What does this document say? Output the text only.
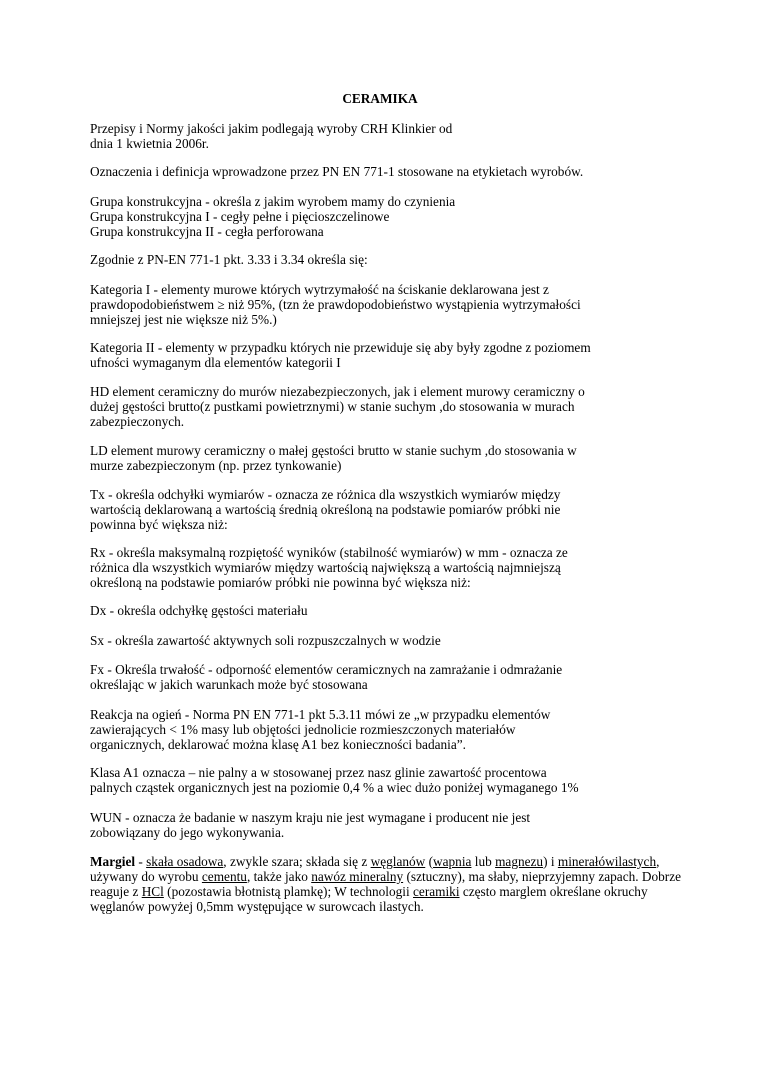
CERAMIKA
Przepisy i Normy jakości jakim podlegają wyroby CRH Klinkier od
dnia 1 kwietnia 2006r.
Oznaczenia i definicja wprowadzone przez PN EN 771-1 stosowane na etykietach wyrobów.
Grupa konstrukcyjna - określa z jakim wyrobem mamy do czynienia
Grupa konstrukcyjna I - cegły pełne i pięcioszczelinowe
Grupa konstrukcyjna II - cegła perforowana
Zgodnie z PN-EN 771-1 pkt. 3.33 i 3.34 określa się:
Kategoria I - elementy murowe których wytrzymałość na ściskanie deklarowana jest z
prawdopodobieństwem ≥ niż 95%, (tzn że prawdopodobieństwo wystąpienia wytrzymałości
mniejszej jest nie większe niż 5%.)
Kategoria II - elementy w przypadku których nie przewiduje się aby były zgodne z poziomem
ufności wymaganym dla elementów kategorii I
HD element ceramiczny do murów niezabezpieczonych, jak i element murowy ceramiczny o
dużej gęstości brutto(z pustkami powietrznymi) w stanie suchym ,do stosowania w murach
zabezpieczonych.
LD element murowy ceramiczny o małej gęstości brutto w stanie suchym ,do stosowania w
murze zabezpieczonym (np. przez tynkowanie)
Tx - określa odchyłki wymiarów - oznacza ze różnica dla wszystkich wymiarów między
wartością deklarowaną a wartością średnią określoną na podstawie pomiarów próbki nie
powinna być większa niż:
Rx - określa maksymalną rozpiętość wyników (stabilność wymiarów) w mm - oznacza ze
różnica dla wszystkich wymiarów między wartością największą a wartością najmniejszą
określoną na podstawie pomiarów próbki nie powinna być większa niż:
Dx - określa odchyłkę gęstości materiału
Sx - określa zawartość aktywnych soli rozpuszczalnych w wodzie
Fx - Określa trwałość - odporność elementów ceramicznych na zamrażanie i odmrażanie
określając w jakich warunkach może być stosowana
Reakcja na ogień - Norma PN EN 771-1 pkt 5.3.11 mówi ze „w przypadku elementów
zawierających < 1% masy lub objętości jednolicie rozmieszczonych materiałów
organicznych, deklarować można klasę A1 bez konieczności badania”.
Klasa A1 oznacza – nie palny a w stosowanej przez nasz glinie zawartość procentowa
palnych cząstek organicznych jest na poziomie 0,4 % a wiec dużo poniżej wymaganego 1%
WUN - oznacza że badanie w naszym kraju nie jest wymagane i producent nie jest
zobowiązany do jego wykonywania.
Margiel - skała osadowa, zwykle szara; składa się z węglanów (wapnia lub magnezu) i minerałówilastych,
używany do wyrobu cementu, także jako nawóz mineralny (sztuczny), ma słaby, nieprzyjemny zapach. Dobrze
reaguje z HCl (pozostawia błotnistą plamkę); W technologii ceramiki często marglem określane okruchy
węglanów powyżej 0,5mm występujące w surowcach ilastych.
